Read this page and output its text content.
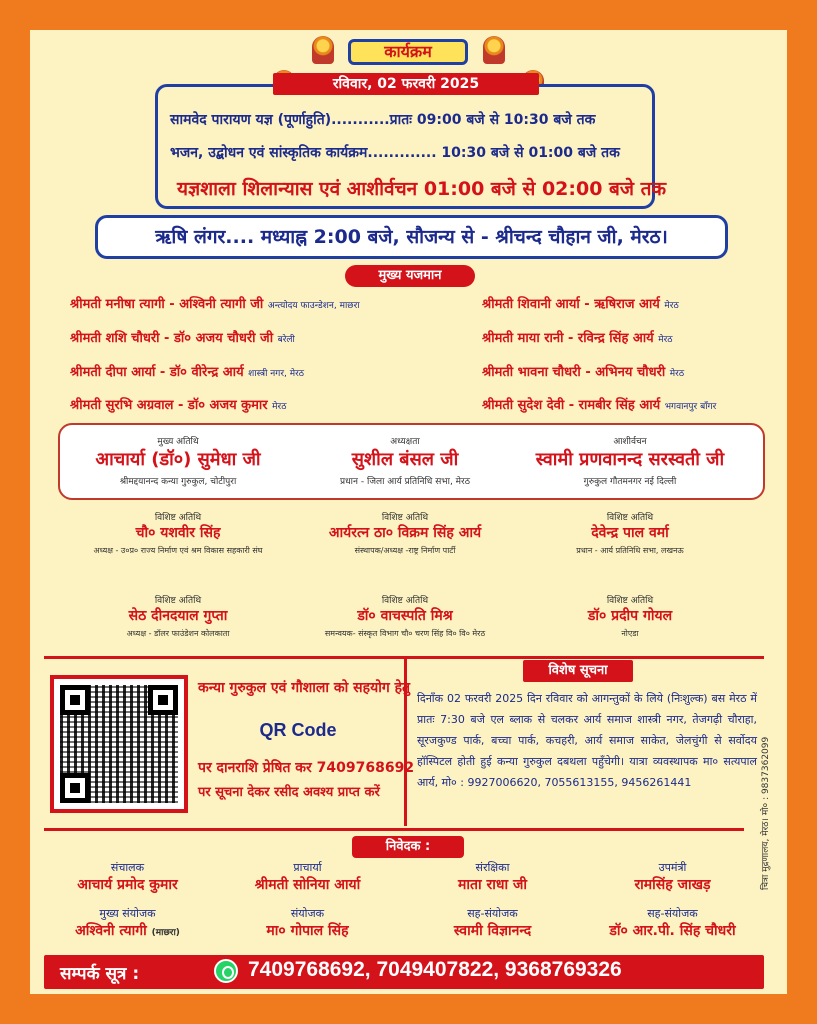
कार्यक्रम
रविवार, 02 फरवरी 2025
सामवेद पारायण यज्ञ (पूर्णाहुति)...........प्रातः 09:00 बजे से 10:30 बजे तक
भजन, उद्बोधन एवं सांस्कृतिक कार्यक्रम............. 10:30 बजे से 01:00 बजे तक
यज्ञशाला शिलान्यास एवं आशीर्वचन 01:00 बजे से 02:00 बजे तक
ऋषि लंगर.... मध्याह्न 2:00 बजे, सौजन्य से - श्रीचन्द चौहान जी, मेरठ।
मुख्य यजमान
श्रीमती मनीषा त्यागी - अश्विनी त्यागी जी अन्त्योदय फाउन्डेशन, माछरा
श्रीमती शशि चौधरी - डॉ० अजय चौधरी जी बरेली
श्रीमती दीपा आर्या - डॉ० वीरेन्द्र आर्य शास्त्री नगर, मेरठ
श्रीमती सुरभि अग्रवाल - डॉ० अजय कुमार मेरठ
श्रीमती शिवानी आर्या - ऋषिराज आर्य मेरठ
श्रीमती माया रानी - रविन्द्र सिंह आर्य मेरठ
श्रीमती भावना चौधरी - अभिनय चौधरी मेरठ
श्रीमती सुदेश देवी - रामबीर सिंह आर्य भगवानपुर बाँगर
मुख्य अतिथि
आचार्या (डॉ०) सुमेधा जी
श्रीमद्दयानन्द कन्या गुरुकुल, चोटीपुरा
अध्यक्षता
सुशील बंसल जी
प्रधान - जिला आर्य प्रतिनिधि सभा, मेरठ
आशीर्वचन
स्वामी प्रणवानन्द सरस्वती जी
गुरुकुल गौतमनगर नई दिल्ली
विशिष्ट अतिथि
चौ० यशवीर सिंह
अध्यक्ष - उ०प्र० राज्य निर्माण एवं श्रम विकास सहकारी संघ
विशिष्ट अतिथि
आर्यरत्न ठा० विक्रम सिंह आर्य
संस्थापक/अध्यक्ष -राष्ट्र निर्माण पार्टी
विशिष्ट अतिथि
देवेन्द्र पाल वर्मा
प्रधान - आर्य प्रतिनिधि सभा, लखनऊ
विशिष्ट अतिथि
सेठ दीनदयाल गुप्ता
अध्यक्ष - डॉलर फाउंडेशन कोलकाता
विशिष्ट अतिथि
डॉ० वाचस्पति मिश्र
समन्वयक- संस्कृत विभाग चौ० चरण सिंह वि० वि० मेरठ
विशिष्ट अतिथि
डॉ० प्रदीप गोयल
नोएडा
कन्या गुरुकुल एवं गौशाला को सहयोग हेतु
QR Code
पर दानराशि प्रेषित कर 7409768692
पर सूचना देकर रसीद अवश्य प्राप्त करें
विशेष सूचना
दिनाँक 02 फरवरी 2025 दिन रविवार को आगन्तुकों के लिये (निःशुल्क) बस मेरठ में प्रातः 7:30 बजे एल ब्लाक से चलकर आर्य समाज शास्त्री नगर, तेजगढ़ी चौराहा, सूरजकुण्ड पार्क, बच्चा पार्क, कचहरी, आर्य समाज साकेत, जेलचुंगी से सर्वोदय हॉस्पिटल होती हुई कन्या गुरुकुल दबथला पहुँचेगी। यात्रा व्यवस्थापक मा० सत्यपाल आर्य, मो० : 9927006620, 7055613155, 9456261441	चित्रा मुद्रणालय, मेरठ। मो० : 9837362099
निवेदक :
संचालक
आचार्य प्रमोद कुमार
प्राचार्या
श्रीमती सोनिया आर्या
संरक्षिका
माता राधा जी
उपमंत्री
रामसिंह जाखड़
मुख्य संयोजक
अश्विनी त्यागी (माछरा)
संयोजक
मा० गोपाल सिंह
सह-संयोजक
स्वामी विज्ञानन्द
सह-संयोजक
डॉ० आर.पी. सिंह चौधरी
सम्पर्क सूत्र :	7409768692, 7049407822, 9368769326
